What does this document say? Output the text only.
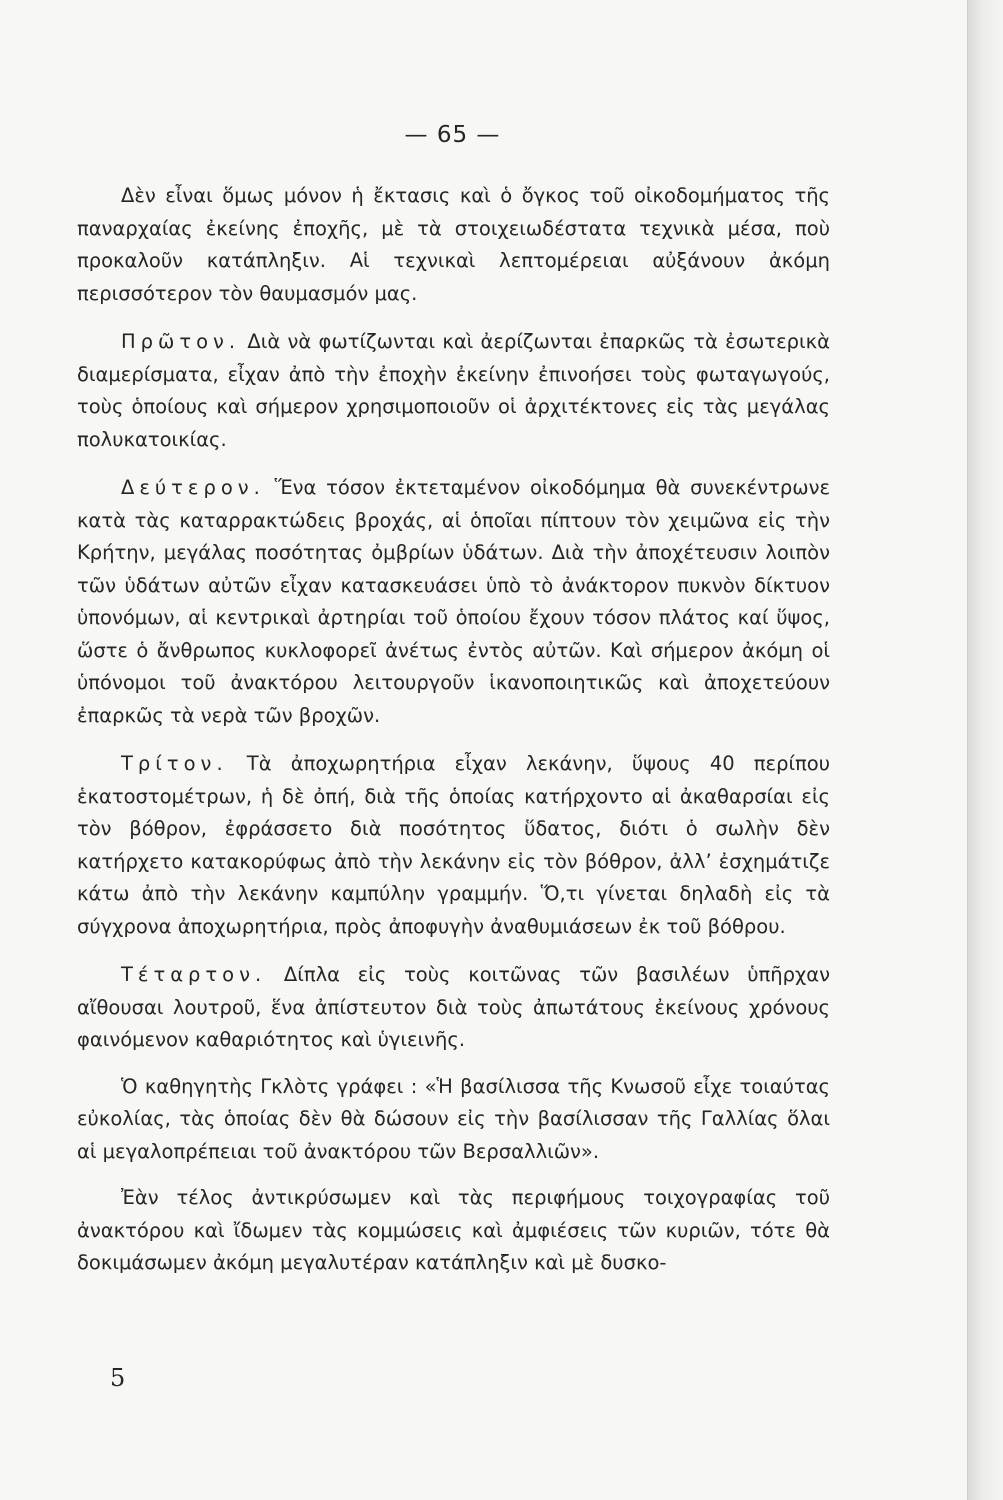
— 65 —

Δὲν εἶναι ὅμως μόνον ἡ ἔκτασις καὶ ὁ ὄγκος τοῦ οἰκοδομήματος τῆς παναρχαίας ἐκείνης ἐποχῆς, μὲ τὰ στοιχειωδέστατα τεχνικὰ μέσα, ποὺ προκαλοῦν κατάπληξιν. Αἱ τεχνικαὶ λεπτομέρειαι αὐξάνουν ἀκόμη περισσότερον τὸν θαυμασμόν μας.

Πρῶτον. Διὰ νὰ φωτίζωνται καὶ ἀερίζωνται ἐπαρκῶς τὰ ἐσωτερικὰ διαμερίσματα, εἶχαν ἀπὸ τὴν ἐποχὴν ἐκείνην ἐπινοήσει τοὺς φωταγωγούς, τοὺς ὁποίους καὶ σήμερον χρησιμοποιοῦν οἱ ἀρχιτέκτονες εἰς τὰς μεγάλας πολυκατοικίας.

Δεύτερον. Ἕνα τόσον ἐκτεταμένον οἰκοδόμημα θὰ συνεκέντρωνε κατὰ τὰς καταρρακτώδεις βροχάς, αἱ ὁποῖαι πίπτουν τὸν χειμῶνα εἰς τὴν Κρήτην, μεγάλας ποσότητας ὀμβρίων ὑδάτων. Διὰ τὴν ἀποχέτευσιν λοιπὸν τῶν ὑδάτων αὐτῶν εἶχαν κατασκευάσει ὑπὸ τὸ ἀνάκτορον πυκνὸν δίκτυον ὑπονόμων, αἱ κεντρικαὶ ἀρτηρίαι τοῦ ὁποίου ἔχουν τόσον πλάτος καί ὕψος, ὥστε ὁ ἄνθρωπος κυκλοφορεῖ ἀνέτως ἐντὸς αὐτῶν. Καὶ σήμερον ἀκόμη οἱ ὑπόνομοι τοῦ ἀνακτόρου λειτουργοῦν ἱκανοποιητικῶς καὶ ἀποχετεύουν ἐπαρκῶς τὰ νερὰ τῶν βροχῶν.

Τρίτον. Τὰ ἀποχωρητήρια εἶχαν λεκάνην, ὕψους 40 περίπου ἑκατοστομέτρων, ἡ δὲ ὀπή, διὰ τῆς ὁποίας κατήρχοντο αἱ ἀκαθαρσίαι εἰς τὸν βόθρον, ἐφράσσετο διὰ ποσότητος ὕδατος, διότι ὁ σωλὴν δὲν κατήρχετο κατακορύφως ἀπὸ τὴν λεκάνην εἰς τὸν βόθρον, ἀλλ’ ἐσχημάτιζε κάτω ἀπὸ τὴν λεκάνην καμπύλην γραμμήν. Ὅ,τι γίνεται δηλαδὴ εἰς τὰ σύγχρονα ἀποχωρητήρια, πρὸς ἀποφυγὴν ἀναθυμιάσεων ἐκ τοῦ βόθρου.

Τέταρτον. Δίπλα εἰς τοὺς κοιτῶνας τῶν βασιλέων ὑπῆρχαν αἴθουσαι λουτροῦ, ἕνα ἀπίστευτον διὰ τοὺς ἀπωτάτους ἐκείνους χρόνους φαινόμενον καθαριότητος καὶ ὑγιεινῆς.

Ὁ καθηγητὴς Γκλὸτς γράφει : «Ἡ βασίλισσα τῆς Κνωσοῦ εἶχε τοιαύτας εὐκολίας, τὰς ὁποίας δὲν θὰ δώσουν εἰς τὴν βασίλισσαν τῆς Γαλλίας ὅλαι αἱ μεγαλοπρέπειαι τοῦ ἀνακτόρου τῶν Βερσαλλιῶν».

Ἐὰν τέλος ἀντικρύσωμεν καὶ τὰς περιφήμους τοιχογραφίας τοῦ ἀνακτόρου καὶ ἴδωμεν τὰς κομμώσεις καὶ ἀμφιέσεις τῶν κυριῶν, τότε θὰ δοκιμάσωμεν ἀκόμη μεγαλυτέραν κατάπληξιν καὶ μὲ δυσκο-

5
